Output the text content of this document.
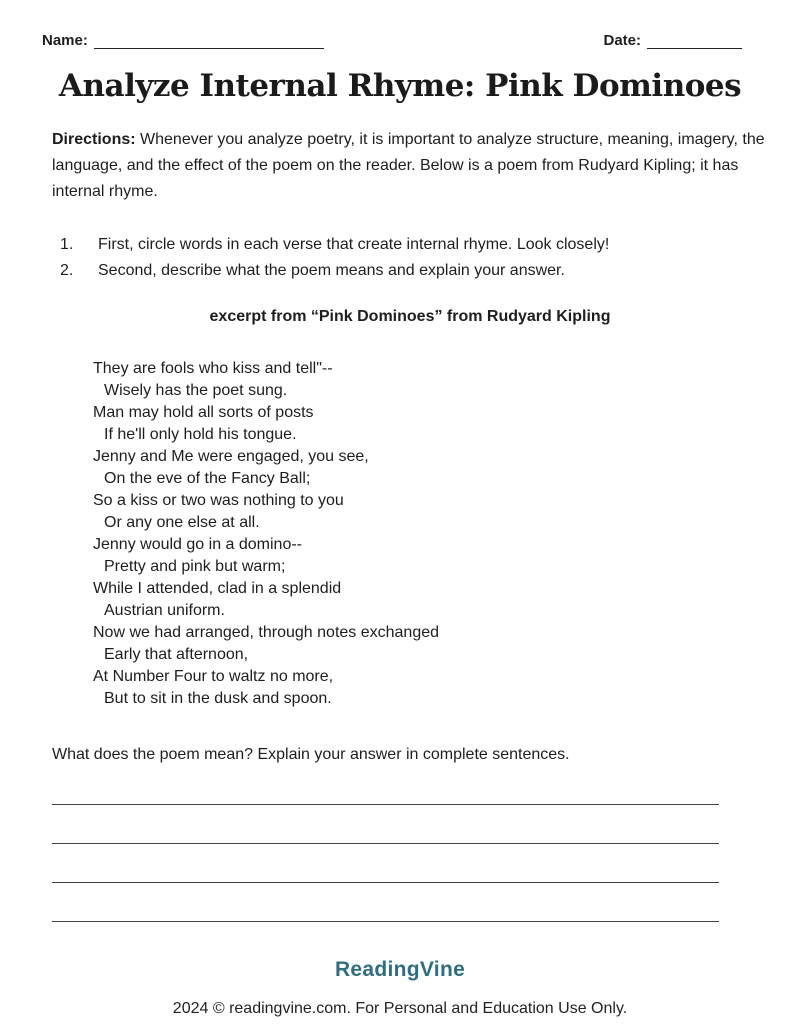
Name:	Date:
Analyze Internal Rhyme: Pink Dominoes
Directions: Whenever you analyze poetry, it is important to analyze structure, meaning, imagery, the language, and the effect of the poem on the reader. Below is a poem from Rudyard Kipling; it has internal rhyme.
1.	First, circle words in each verse that create internal rhyme. Look closely!
2.	Second, describe what the poem means and explain your answer.
excerpt from “Pink Dominoes” from Rudyard Kipling
They are fools who kiss and tell"--
Wisely has the poet sung.
Man may hold all sorts of posts
If he'll only hold his tongue.
Jenny and Me were engaged, you see,
On the eve of the Fancy Ball;
So a kiss or two was nothing to you
Or any one else at all.
Jenny would go in a domino--
Pretty and pink but warm;
While I attended, clad in a splendid
Austrian uniform.
Now we had arranged, through notes exchanged
Early that afternoon,
At Number Four to waltz no more,
But to sit in the dusk and spoon.
What does the poem mean? Explain your answer in complete sentences.
ReadingVine
2024 © readingvine.com. For Personal and Education Use Only.
